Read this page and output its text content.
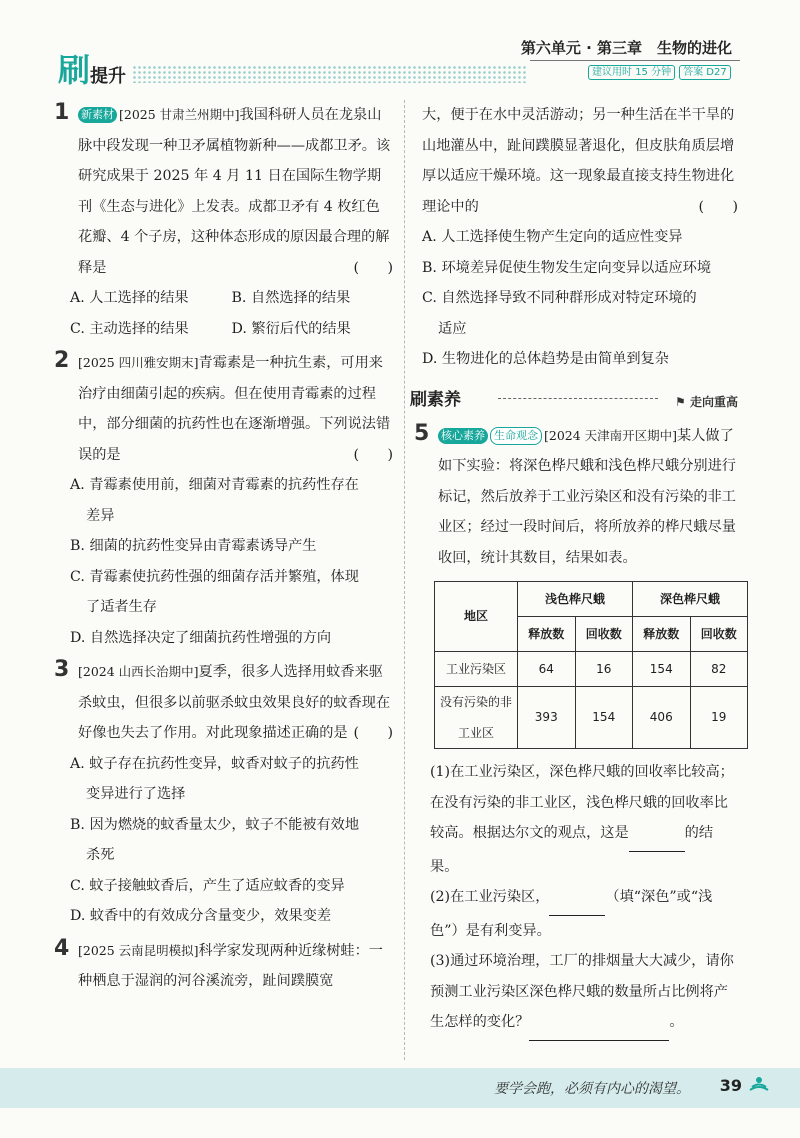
刷 提升
第六单元 · 第三章　生物的进化
建议用时 15 分钟	答案 D27
1	新素材 [2025 甘肃兰州期中]我国科研人员在龙泉山脉中段发现一种卫矛属植物新种——成都卫矛。该研究成果于 2025 年 4 月 11 日在国际生物学期刊《生态与进化》上发表。成都卫矛有 4 枚红色花瓣、4 个子房，这种体态形成的原因最合理的解释是	(　　)
A. 人工选择的结果	B. 自然选择的结果
C. 主动选择的结果	D. 繁衍后代的结果
2 [2025 四川雅安期末]青霉素是一种抗生素，可用来治疗由细菌引起的疾病。但在使用青霉素的过程中，部分细菌的抗药性也在逐渐增强。下列说法错误的是	(　　)
A. 青霉素使用前，细菌对青霉素的抗药性存在
差异
B. 细菌的抗药性变异由青霉素诱导产生
C. 青霉素使抗药性强的细菌存活并繁殖，体现
了适者生存
D. 自然选择决定了细菌抗药性增强的方向
3 [2024 山西长治期中]夏季，很多人选择用蚊香来驱杀蚊虫，但很多以前驱杀蚊虫效果良好的蚊香现在好像也失去了作用。对此现象描述正确的是 (　　)
A. 蚊子存在抗药性变异，蚊香对蚊子的抗药性
变异进行了选择
B. 因为燃烧的蚊香量太少，蚊子不能被有效地
杀死
C. 蚊子接触蚊香后，产生了适应蚊香的变异
D. 蚊香中的有效成分含量变少，效果变差
4 [2025 云南昆明模拟]科学家发现两种近缘树蛙：一种栖息于湿润的河谷溪流旁，趾间蹼膜宽
大，便于在水中灵活游动；另一种生活在半干旱的山地灌丛中，趾间蹼膜显著退化，但皮肤角质层增厚以适应干燥环境。这一现象最直接支持生物进化理论中的	(　　)
A. 人工选择使生物产生定向的适应性变异
B. 环境差异促使生物发生定向变异以适应环境
C. 自然选择导致不同种群形成对特定环境的
适应
D. 生物进化的总体趋势是由简单到复杂
刷素养	⚑ 走向重高
5	核心素养 生命观念 [2024 天津南开区期中]某人做了如下实验：将深色桦尺蛾和浅色桦尺蛾分别进行标记，然后放养于工业污染区和没有污染的非工业区；经过一段时间后，将所放养的桦尺蛾尽量收回，统计其数目，结果如表。
地区	浅色桦尺蛾		深色桦尺蛾	
	释放数	回收数	释放数	回收数
工业污染区	64	16	154	82
没有污染的非工业区	393	154	406	19
(1)在工业污染区，深色桦尺蛾的回收率比较高；在没有污染的非工业区，浅色桦尺蛾的回收率比较高。根据达尔文的观点，这是	的结果。
(2)在工业污染区，	（填“深色”或“浅色”）是有利变异。
(3)通过环境治理，工厂的排烟量大大减少，请你预测工业污染区深色桦尺蛾的数量所占比例将产生怎样的变化？	。
要学会跑，必须有内心的渴望。 39
